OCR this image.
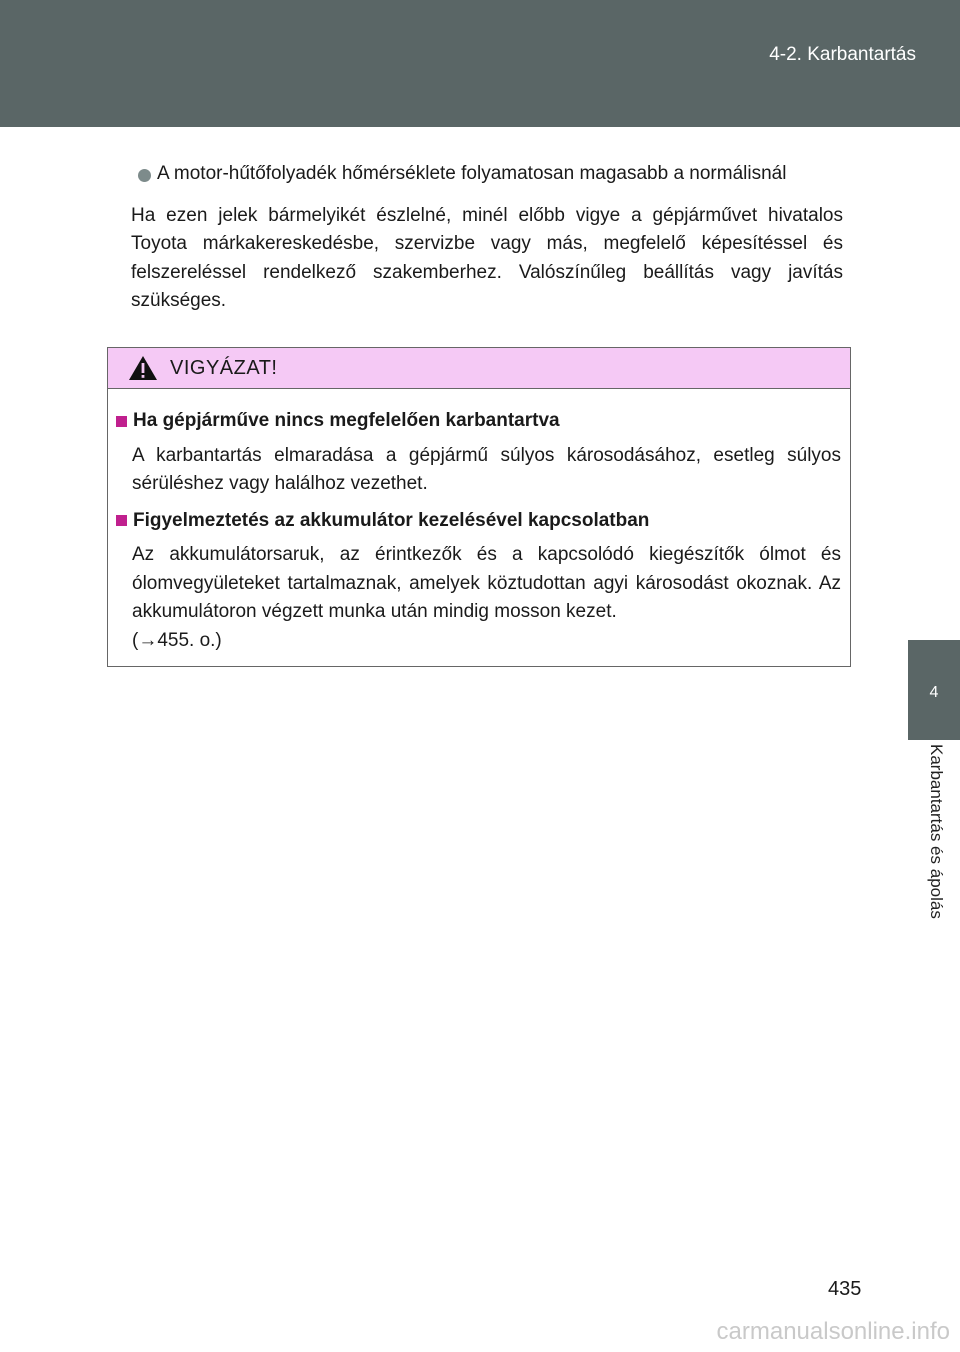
4-2. Karbantartás
4
Karbantartás és ápolás
A motor-hűtőfolyadék hőmérséklete folyamatosan magasabb a normálisnál
Ha ezen jelek bármelyikét észlelné, minél előbb vigye a gépjárművet hivatalos Toyota márkakereskedésbe, szervizbe vagy más, megfelelő képesítéssel és felszereléssel rendelkező szakemberhez. Valószínűleg beállítás vagy javítás szükséges.
VIGYÁZAT!
Ha gépjárműve nincs megfelelően karbantartva
A karbantartás elmaradása a gépjármű súlyos károsodásához, esetleg súlyos sérüléshez vagy halálhoz vezethet.
Figyelmeztetés az akkumulátor kezelésével kapcsolatban
Az akkumulátorsaruk, az érintkezők és a kapcsolódó kiegészítők ólmot és ólomvegyületeket tartalmaznak, amelyek köztudottan agyi károsodást okoznak. Az akkumulátoron végzett munka után mindig mosson kezet.
(→455. o.)
435
carmanualsonline.info
